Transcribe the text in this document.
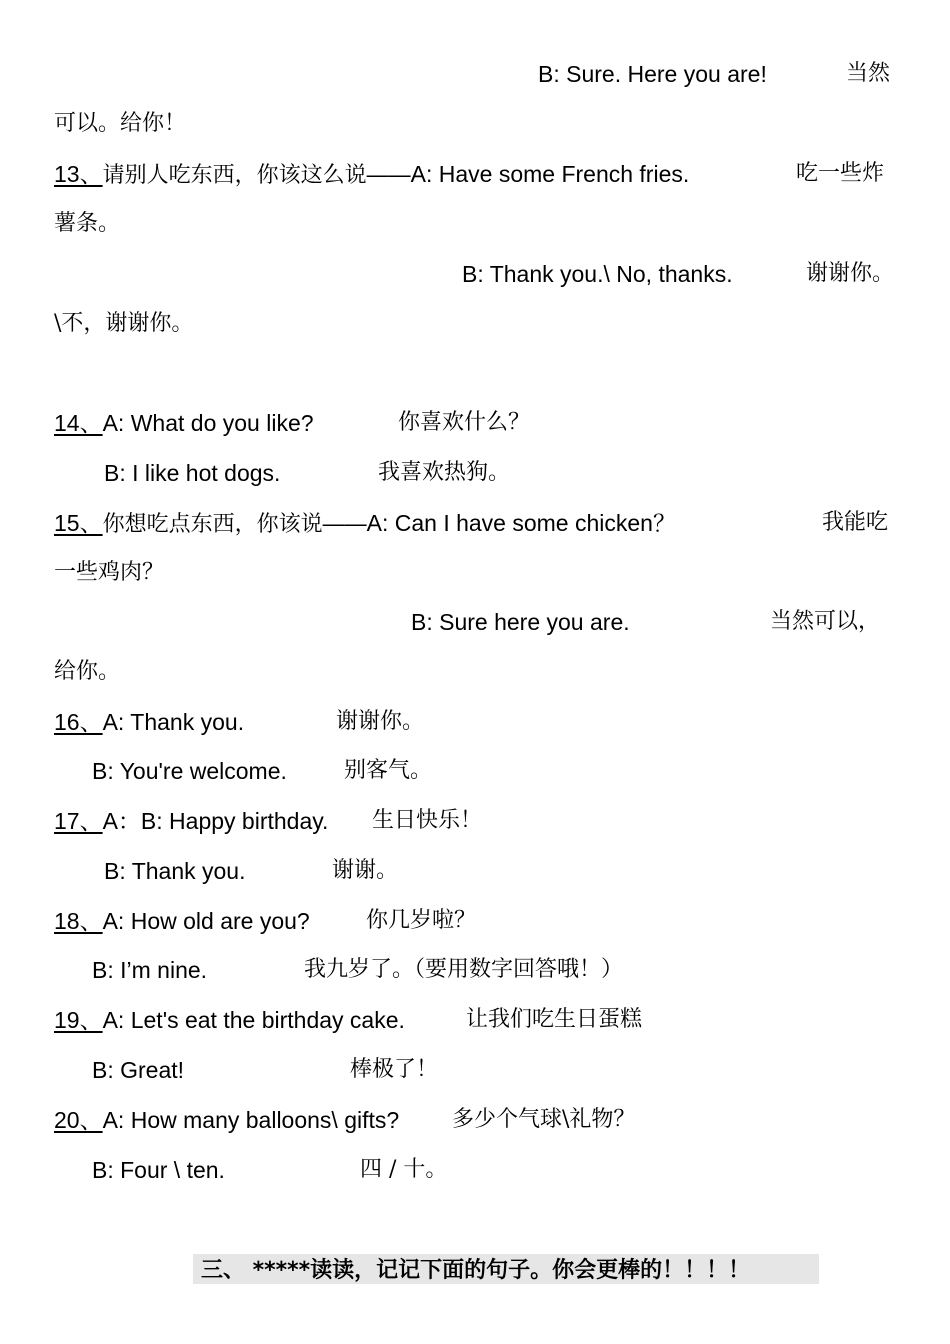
B: Sure. Here you are!	当然
可以。给你！
13、请别人吃东西，你该这么说――A: Have some French fries.	吃一些炸
薯条。
B: Thank you.\ No, thanks.	谢谢你。
\不，谢谢你。
14、A: What do you like?	你喜欢什么？
B: I like hot dogs.	我喜欢热狗。
15、你想吃点东西，你该说――A: Can I have some chicken？	我能吃
一些鸡肉？
B: Sure here you are.	当然可以，
给你。
16、A: Thank you.	谢谢你。
B: You're welcome.	别客气。
17、A：B: Happy birthday. 生日快乐！
B: Thank you.	谢谢。
18、A: How old are you?	你几岁啦？
B: I’m nine.	我九岁了。（要用数字回答哦！）
19、A: Let's eat the birthday cake.	让我们吃生日蛋糕
B: Great!	棒极了！
20、A: How many balloons\ gifts? 多少个气球\礼物？
B: Four \ ten.	四 / 十。
三、 *****读读，记记下面的句子。你会更棒的！！！！
